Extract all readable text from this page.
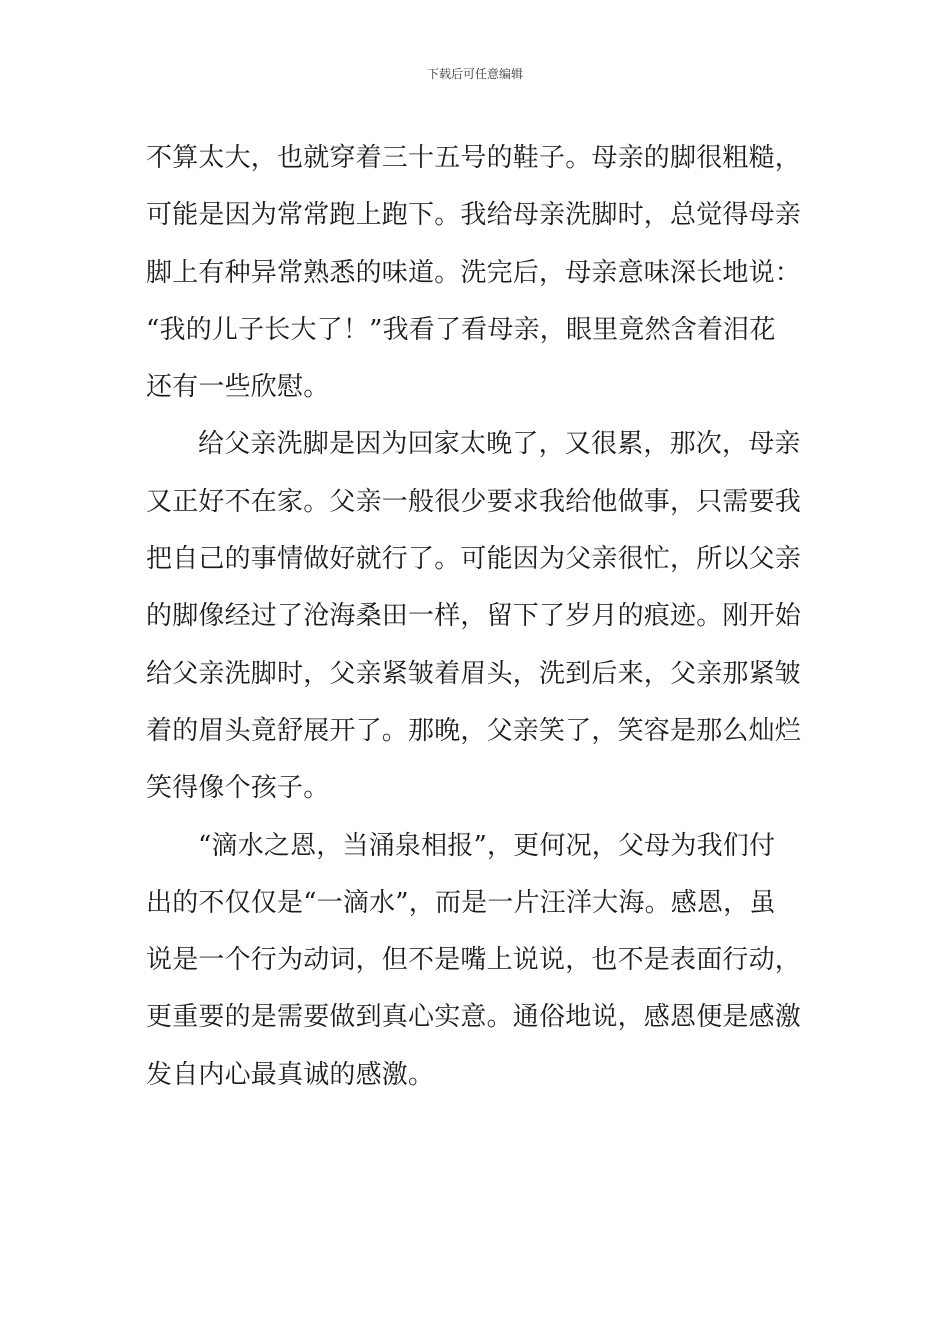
下载后可任意编辑
不算太大，也就穿着三十五号的鞋子。母亲的脚很粗糙，
可能是因为常常跑上跑下。我给母亲洗脚时，总觉得母亲
脚上有种异常熟悉的味道。洗完后，母亲意味深长地说：
“我的儿子长大了！”我看了看母亲，眼里竟然含着泪花
还有一些欣慰。
给父亲洗脚是因为回家太晚了，又很累，那次，母亲
又正好不在家。父亲一般很少要求我给他做事，只需要我
把自己的事情做好就行了。可能因为父亲很忙，所以父亲
的脚像经过了沧海桑田一样，留下了岁月的痕迹。刚开始
给父亲洗脚时，父亲紧皱着眉头，洗到后来，父亲那紧皱
着的眉头竟舒展开了。那晚，父亲笑了，笑容是那么灿烂
笑得像个孩子。
“滴水之恩，当涌泉相报”，更何况，父母为我们付
出的不仅仅是“一滴水”，而是一片汪洋大海。感恩，虽
说是一个行为动词，但不是嘴上说说，也不是表面行动，
更重要的是需要做到真心实意。通俗地说，感恩便是感激
发自内心最真诚的感激。
